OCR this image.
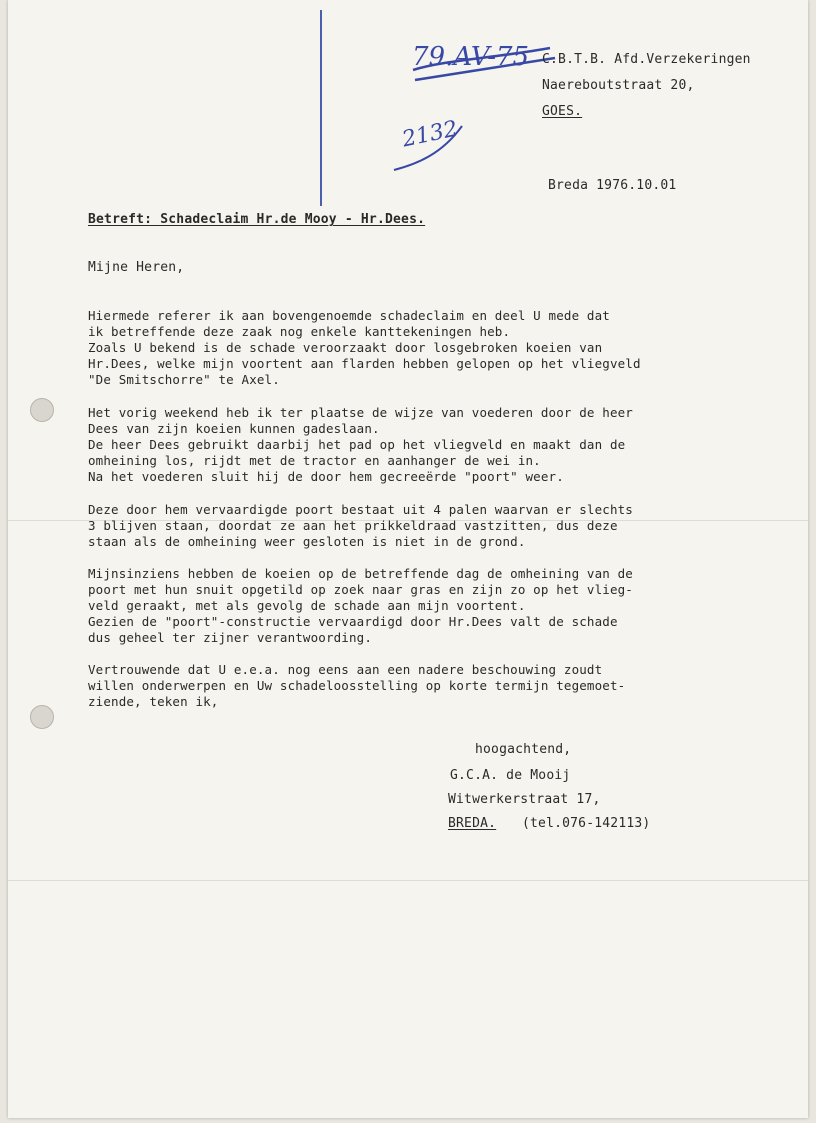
79.AV-75
2132
C.B.T.B. Afd.Verzekeringen
Naereboutstraat 20,
GOES.
Breda 1976.10.01
Betreft: Schadeclaim Hr.de Mooy - Hr.Dees.
Mijne Heren,
Hiermede referer ik aan bovengenoemde schadeclaim en deel U mede dat
ik betreffende deze zaak nog enkele kanttekeningen heb.
Zoals U bekend is de schade veroorzaakt door losgebroken koeien van
Hr.Dees, welke mijn voortent aan flarden hebben gelopen op het vliegveld
"De Smitschorre" te Axel.
Het vorig weekend heb ik ter plaatse de wijze van voederen door de heer
Dees van zijn koeien kunnen gadeslaan.
De heer Dees gebruikt daarbij het pad op het vliegveld en maakt dan de
omheining los, rijdt met de tractor en aanhanger de wei in.
Na het voederen sluit hij de door hem gecreeërde "poort" weer.
Deze door hem vervaardigde poort bestaat uit 4 palen waarvan er slechts
3 blijven staan, doordat ze aan het prikkeldraad vastzitten, dus deze
staan als de omheining weer gesloten is niet in de grond.
Mijnsinziens hebben de koeien op de betreffende dag de omheining van de
poort met hun snuit opgetild op zoek naar gras en zijn zo op het vlieg-
veld geraakt, met als gevolg de schade aan mijn voortent.
Gezien de "poort"-constructie vervaardigd door Hr.Dees valt de schade
dus geheel ter zijner verantwoording.
Vertrouwende dat U e.e.a. nog eens aan een nadere beschouwing zoudt
willen onderwerpen en Uw schadeloosstelling op korte termijn tegemoet-
ziende, teken ik,
hoogachtend,
G.C.A. de Mooij
Witwerkerstraat 17,
BREDA. (tel.076-142113)
